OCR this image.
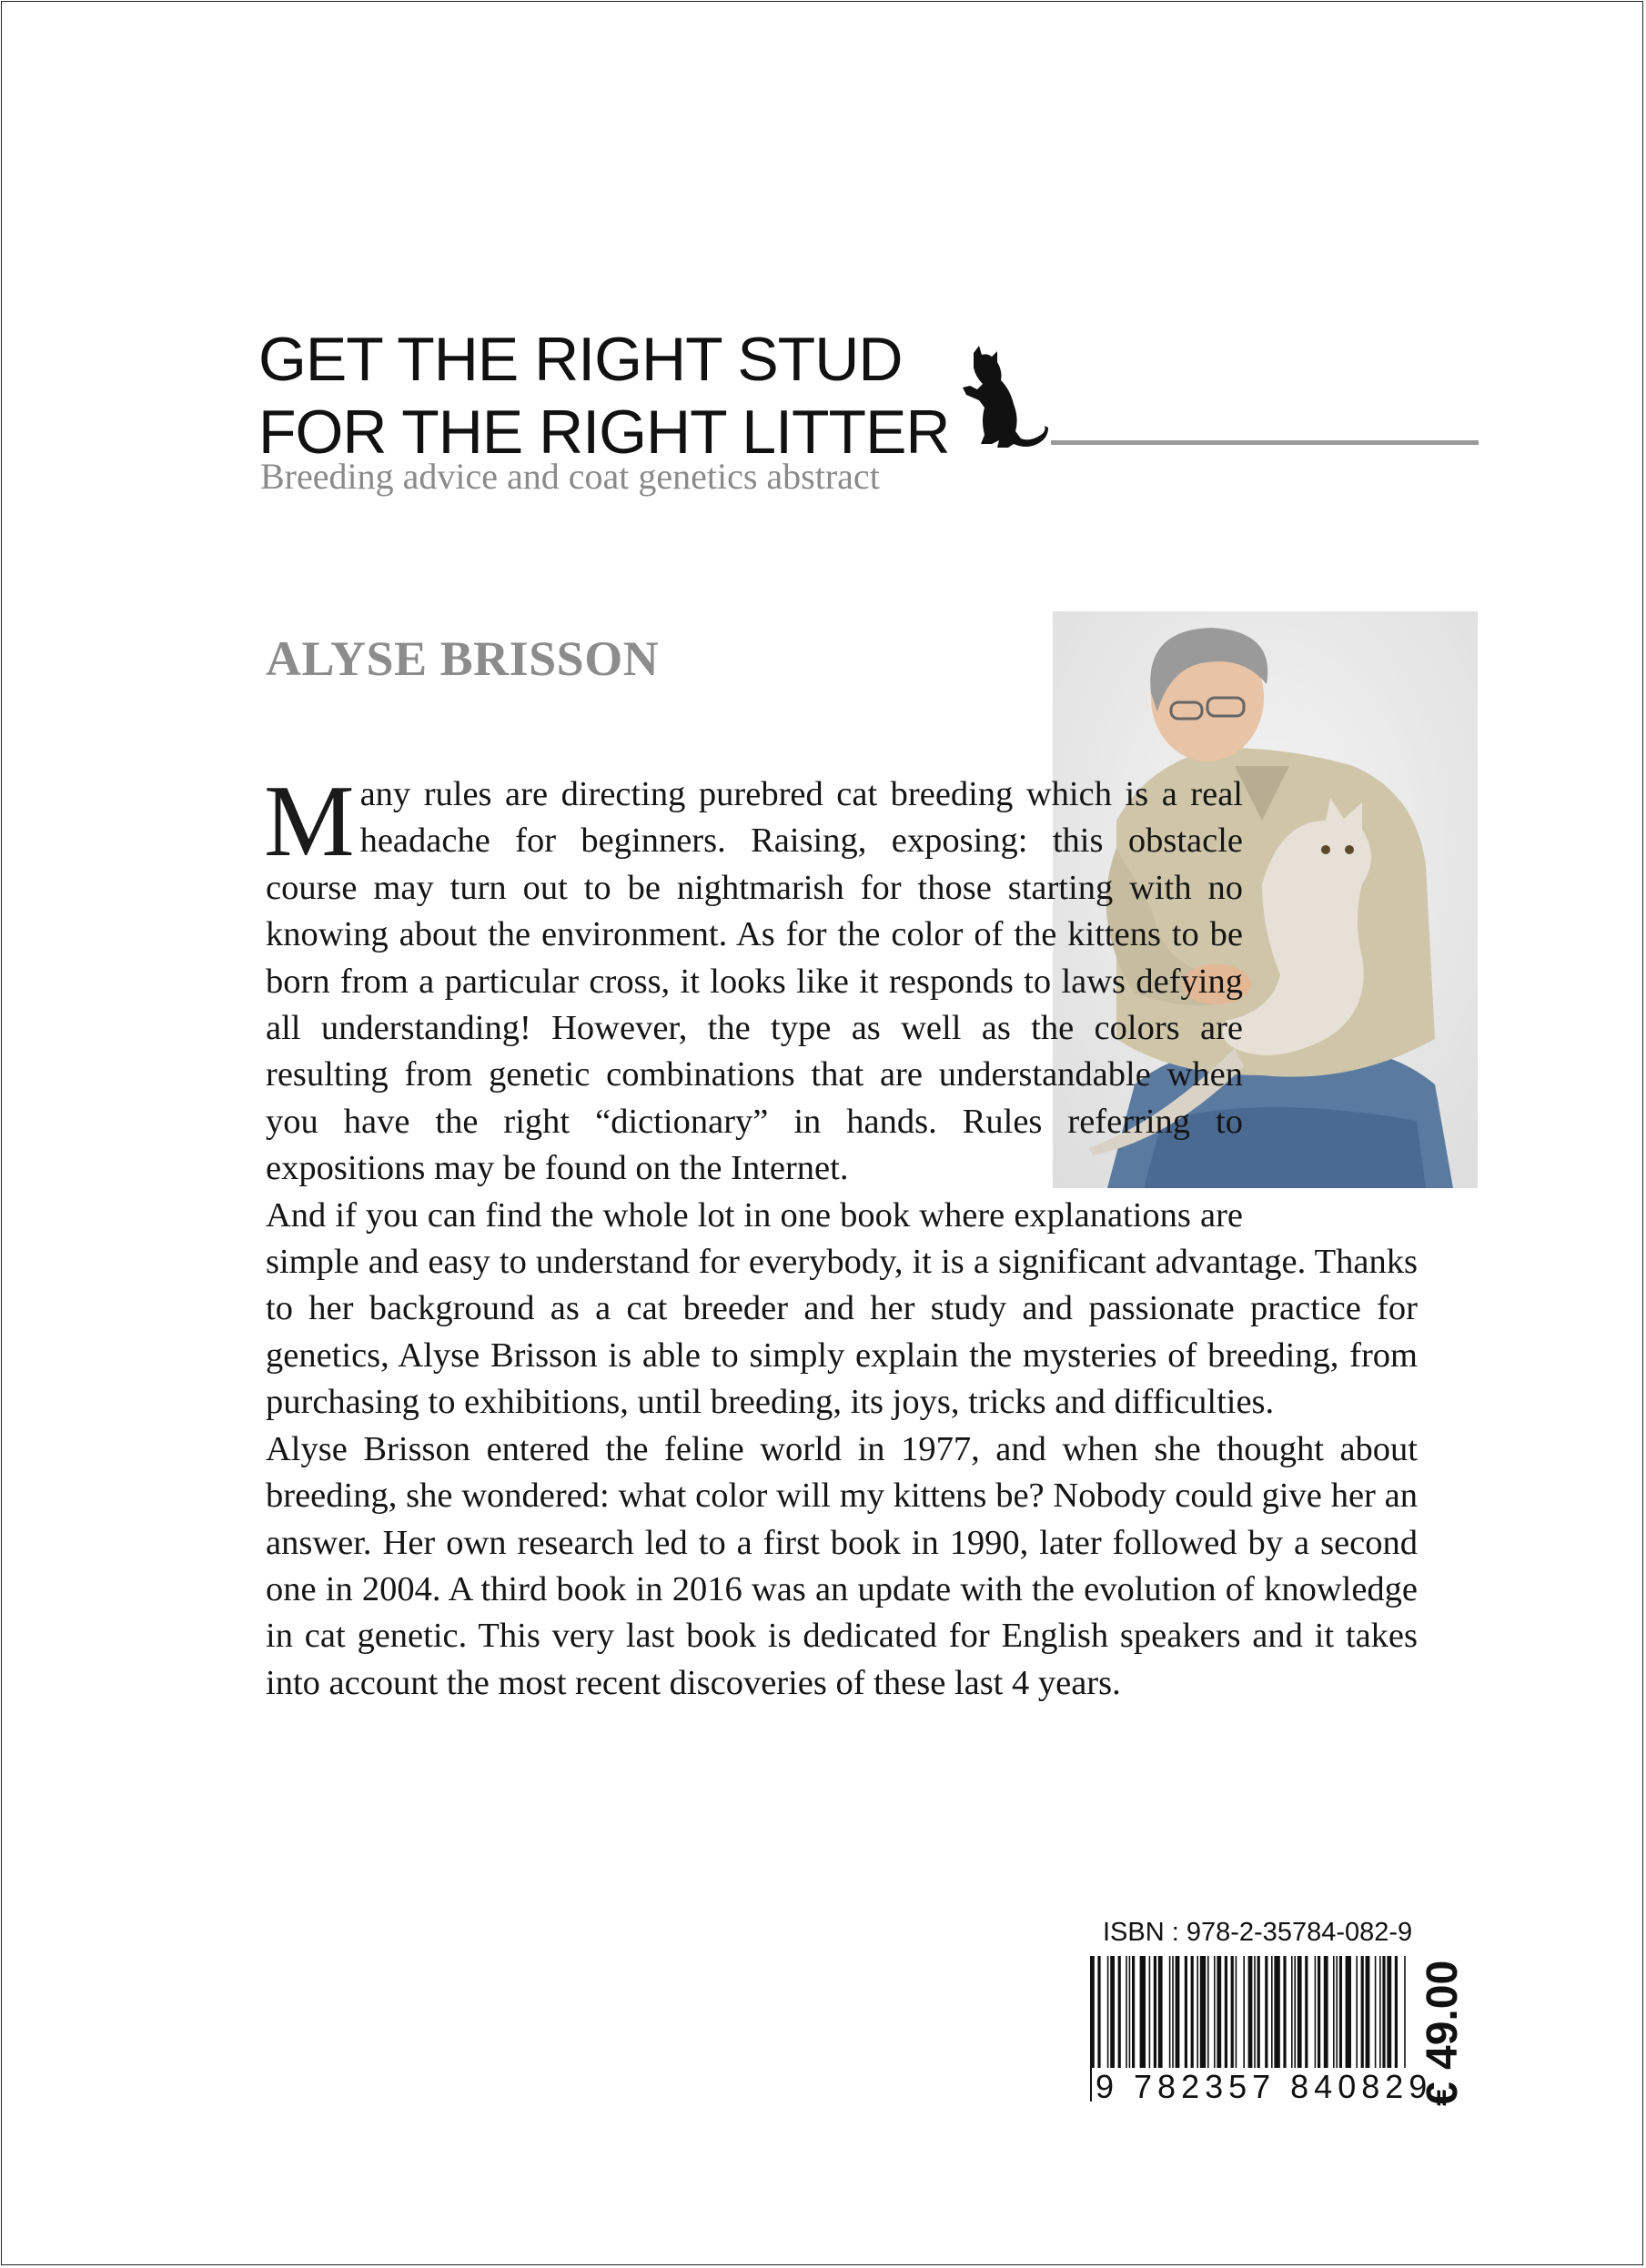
GET THE RIGHT STUD
FOR THE RIGHT LITTER
Breeding advice and coat genetics abstract
ALYSE BRISSON

Many rules are directing purebred cat breeding which is a real headache for beginners. Raising, exposing: this obstacle course may turn out to be nightmarish for those starting with no knowing about the environment. As for the color of the kittens to be born from a particular cross, it looks like it responds to laws defying all understanding! However, the type as well as the colors are resulting from genetic combinations that are understandable when you have the right “dictionary” in hands. Rules referring to expositions may be found on the Internet.

And if you can find the whole lot in one book where explanations are simple and easy to understand for everybody, it is a significant advantage. Thanks to her background as a cat breeder and her study and passionate practice for genetics, Alyse Brisson is able to simply explain the mysteries of breeding, from purchasing to exhibitions, until breeding, its joys, tricks and difficulties.

Alyse Brisson entered the feline world in 1977, and when she thought about breeding, she wondered: what color will my kittens be? Nobody could give her an answer. Her own research led to a first book in 1990, later followed by a second one in 2004. A third book in 2016 was an update with the evolution of knowledge in cat genetic. This very last book is dedicated for English speakers and it takes into account the most recent discoveries of these last 4 years.

ISBN : 978-2-35784-082-9
9 782357 840829
€ 49.00
